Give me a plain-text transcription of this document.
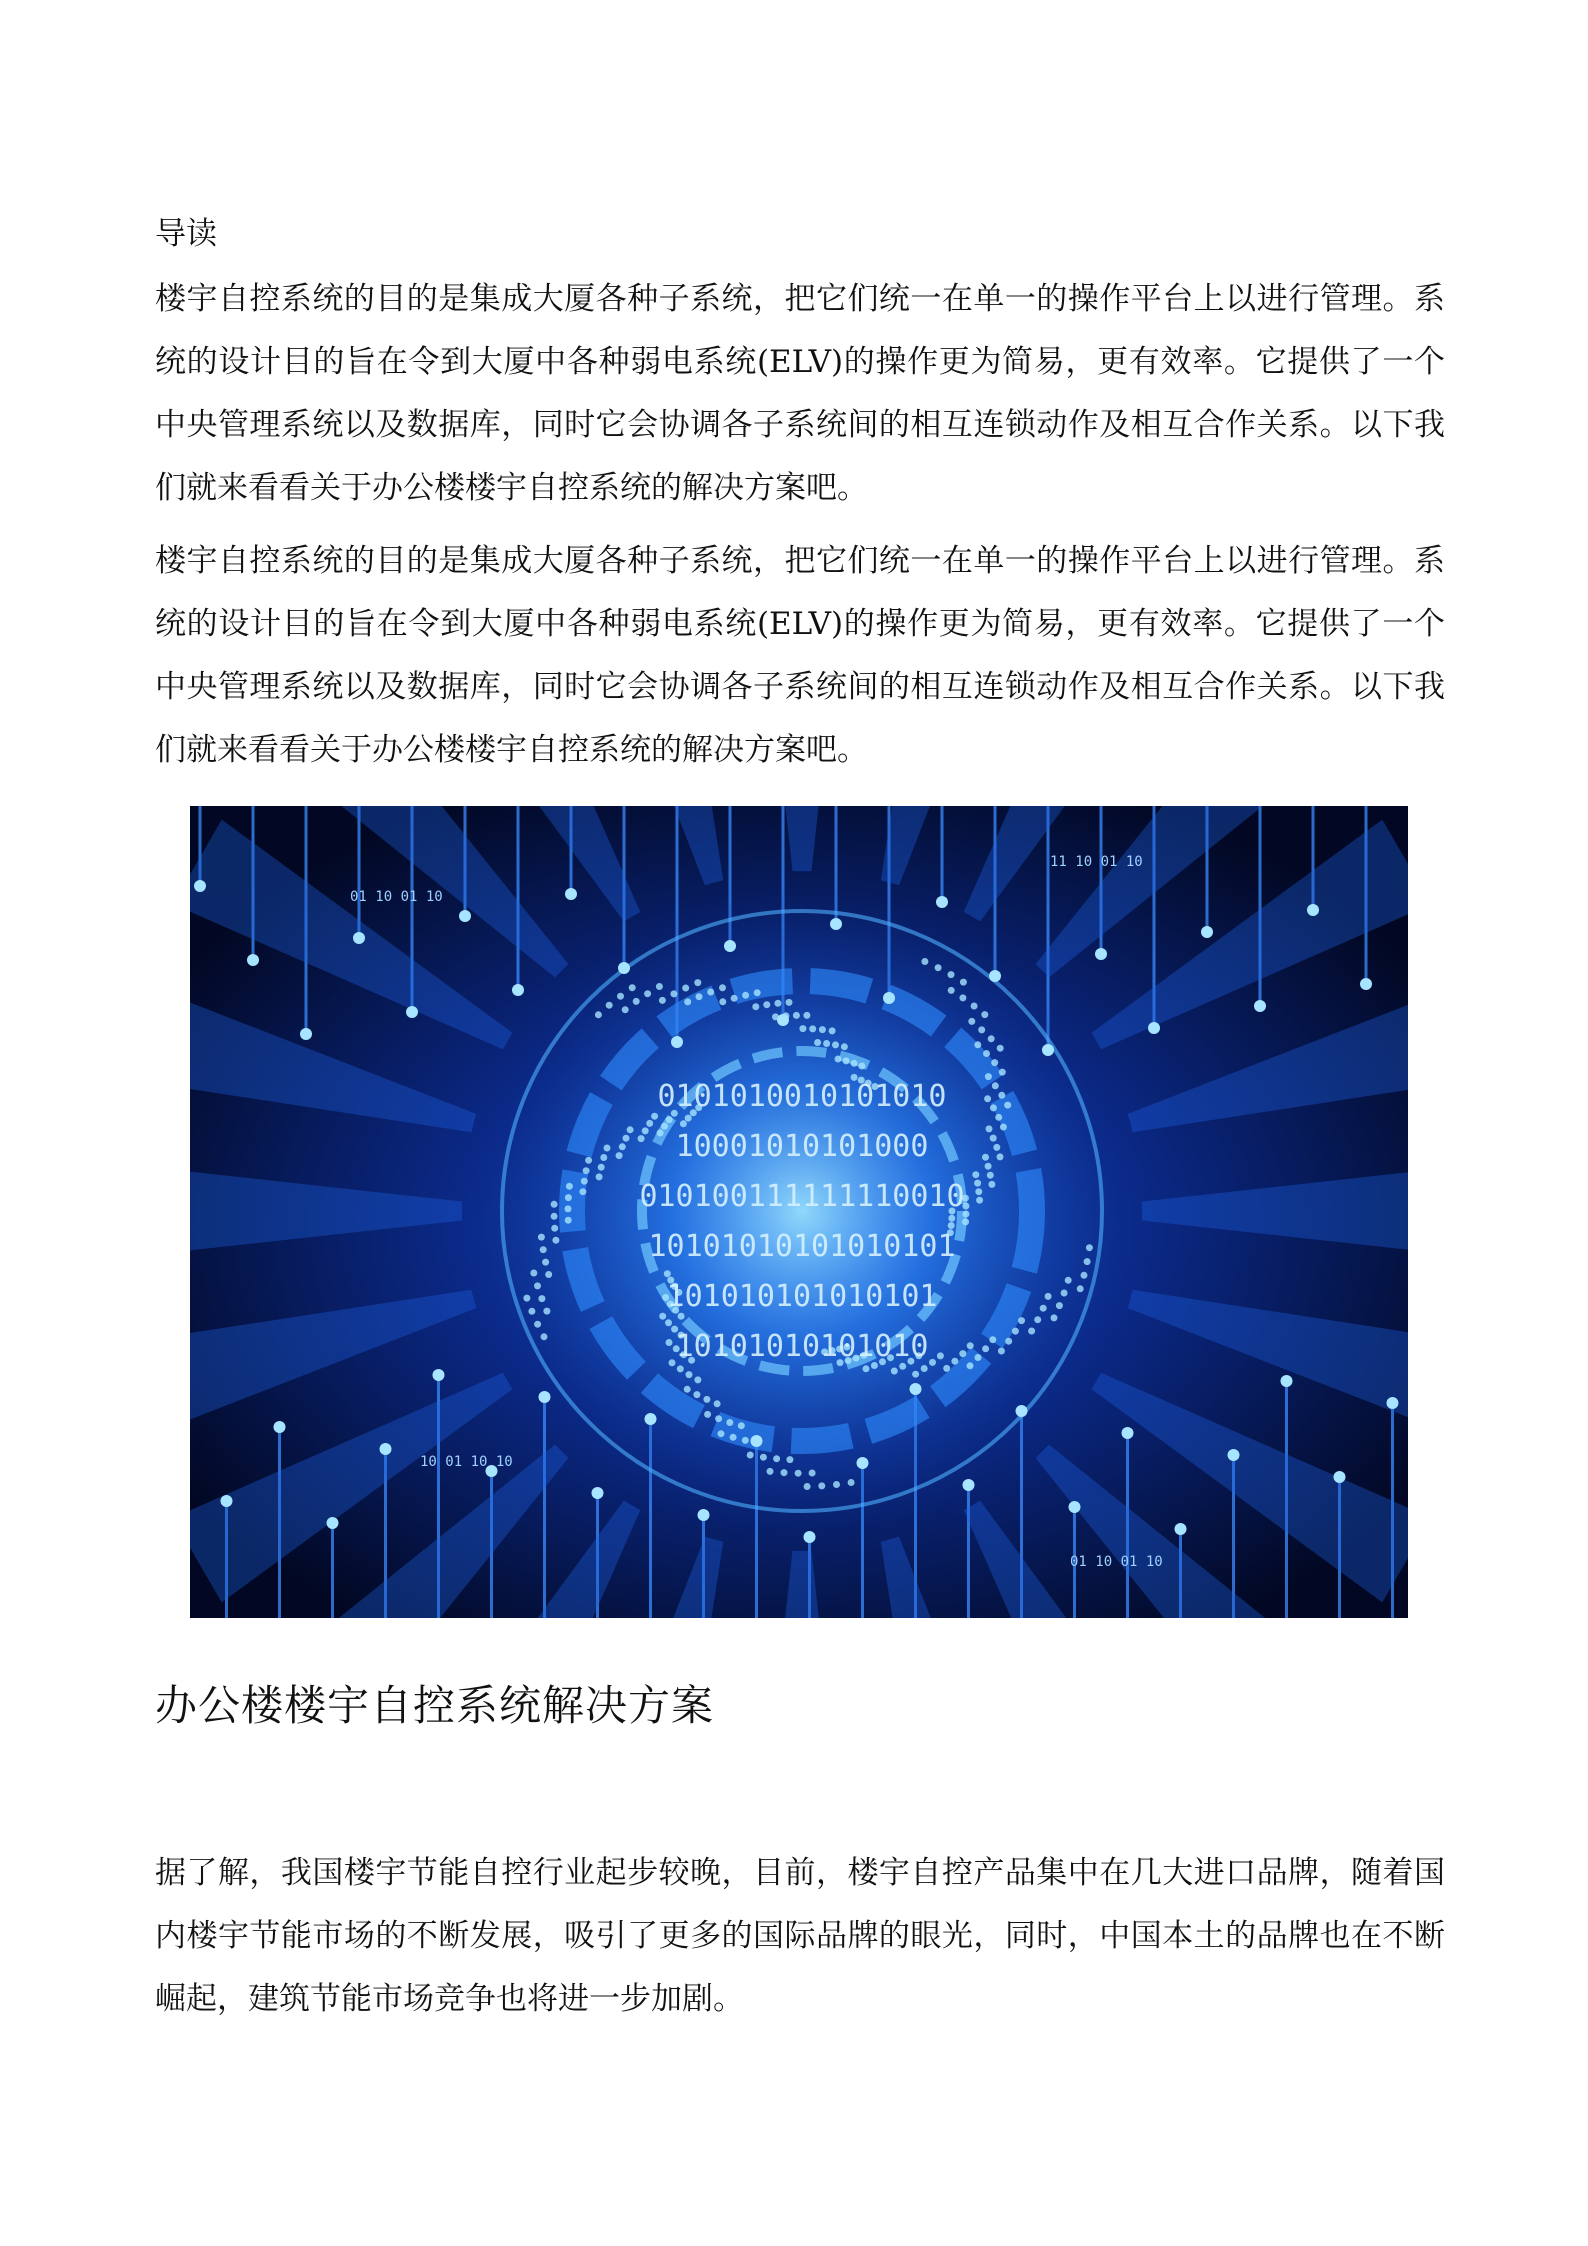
导读

楼宇自控系统的目的是集成大厦各种子系统，把它们统一在单一的操作平台上以进行管理。系统的设计目的旨在令到大厦中各种弱电系统(ELV)的操作更为简易，更有效率。它提供了一个中央管理系统以及数据库，同时它会协调各子系统间的相互连锁动作及相互合作关系。以下我们就来看看关于办公楼楼宇自控系统的解决方案吧。

楼宇自控系统的目的是集成大厦各种子系统，把它们统一在单一的操作平台上以进行管理。系统的设计目的旨在令到大厦中各种弱电系统(ELV)的操作更为简易，更有效率。它提供了一个中央管理系统以及数据库，同时它会协调各子系统间的相互连锁动作及相互合作关系。以下我们就来看看关于办公楼楼宇自控系统的解决方案吧。

0101010010101010
10001010101000
010100111111110010
10101010101010101
101010101010101
10101010101010
01 10 01 10
11 10 01 10
10 01 10 10
01 10 01 10
办公楼楼宇自控系统解决方案

据了解，我国楼宇节能自控行业起步较晚，目前，楼宇自控产品集中在几大进口品牌，随着国内楼宇节能市场的不断发展，吸引了更多的国际品牌的眼光，同时，中国本土的品牌也在不断崛起，建筑节能市场竞争也将进一步加剧。
